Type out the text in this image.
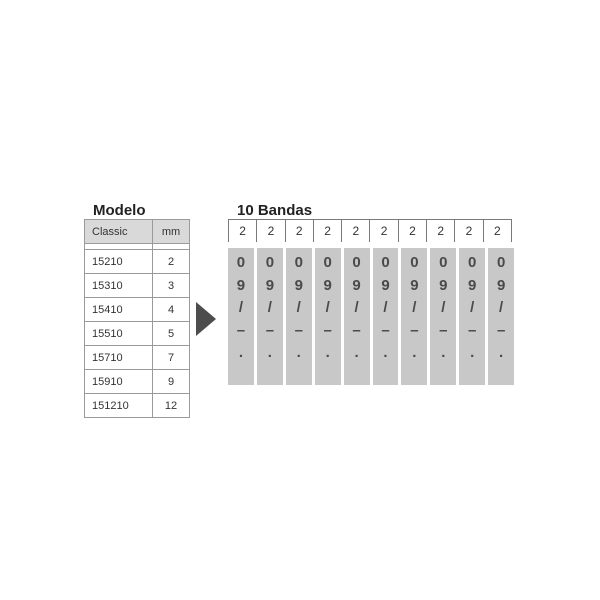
Modelo
Classic	mm

15210	2
15310	3
15410	4
15510	5
15710	7
15910	9
151210	12
10 Bandas
2	2	2	2	2	2	2	2	2	2
0
9
/
–
.
0
9
/
–
.
0
9
/
–
.
0
9
/
–
.
0
9
/
–
.
0
9
/
–
.
0
9
/
–
.
0
9
/
–
.
0
9
/
–
.
0
9
/
–
.
